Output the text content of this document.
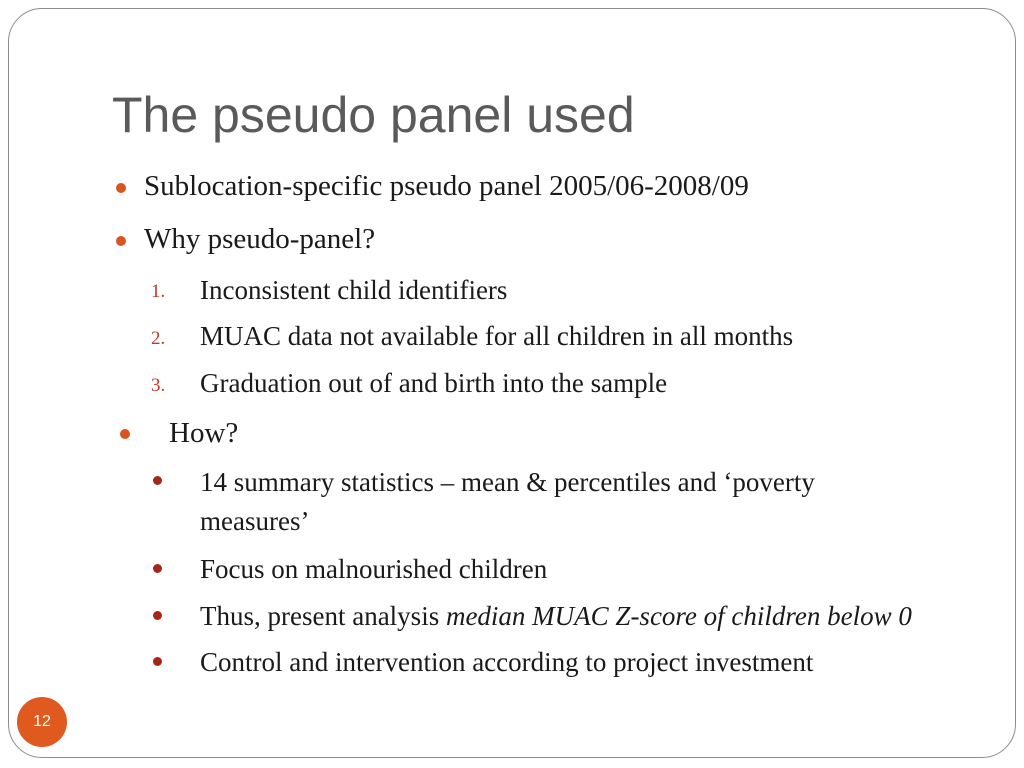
The pseudo panel used
Sublocation-specific pseudo panel 2005/06-2008/09
Why pseudo-panel?
1. Inconsistent child identifiers
2. MUAC data not available for all children in all months
3. Graduation out of and birth into the sample
How?
14 summary statistics – mean & percentiles and ‘poverty
measures’
Focus on malnourished children
Thus, present analysis median MUAC Z-score of children below 0
Control and intervention according to project investment
12
